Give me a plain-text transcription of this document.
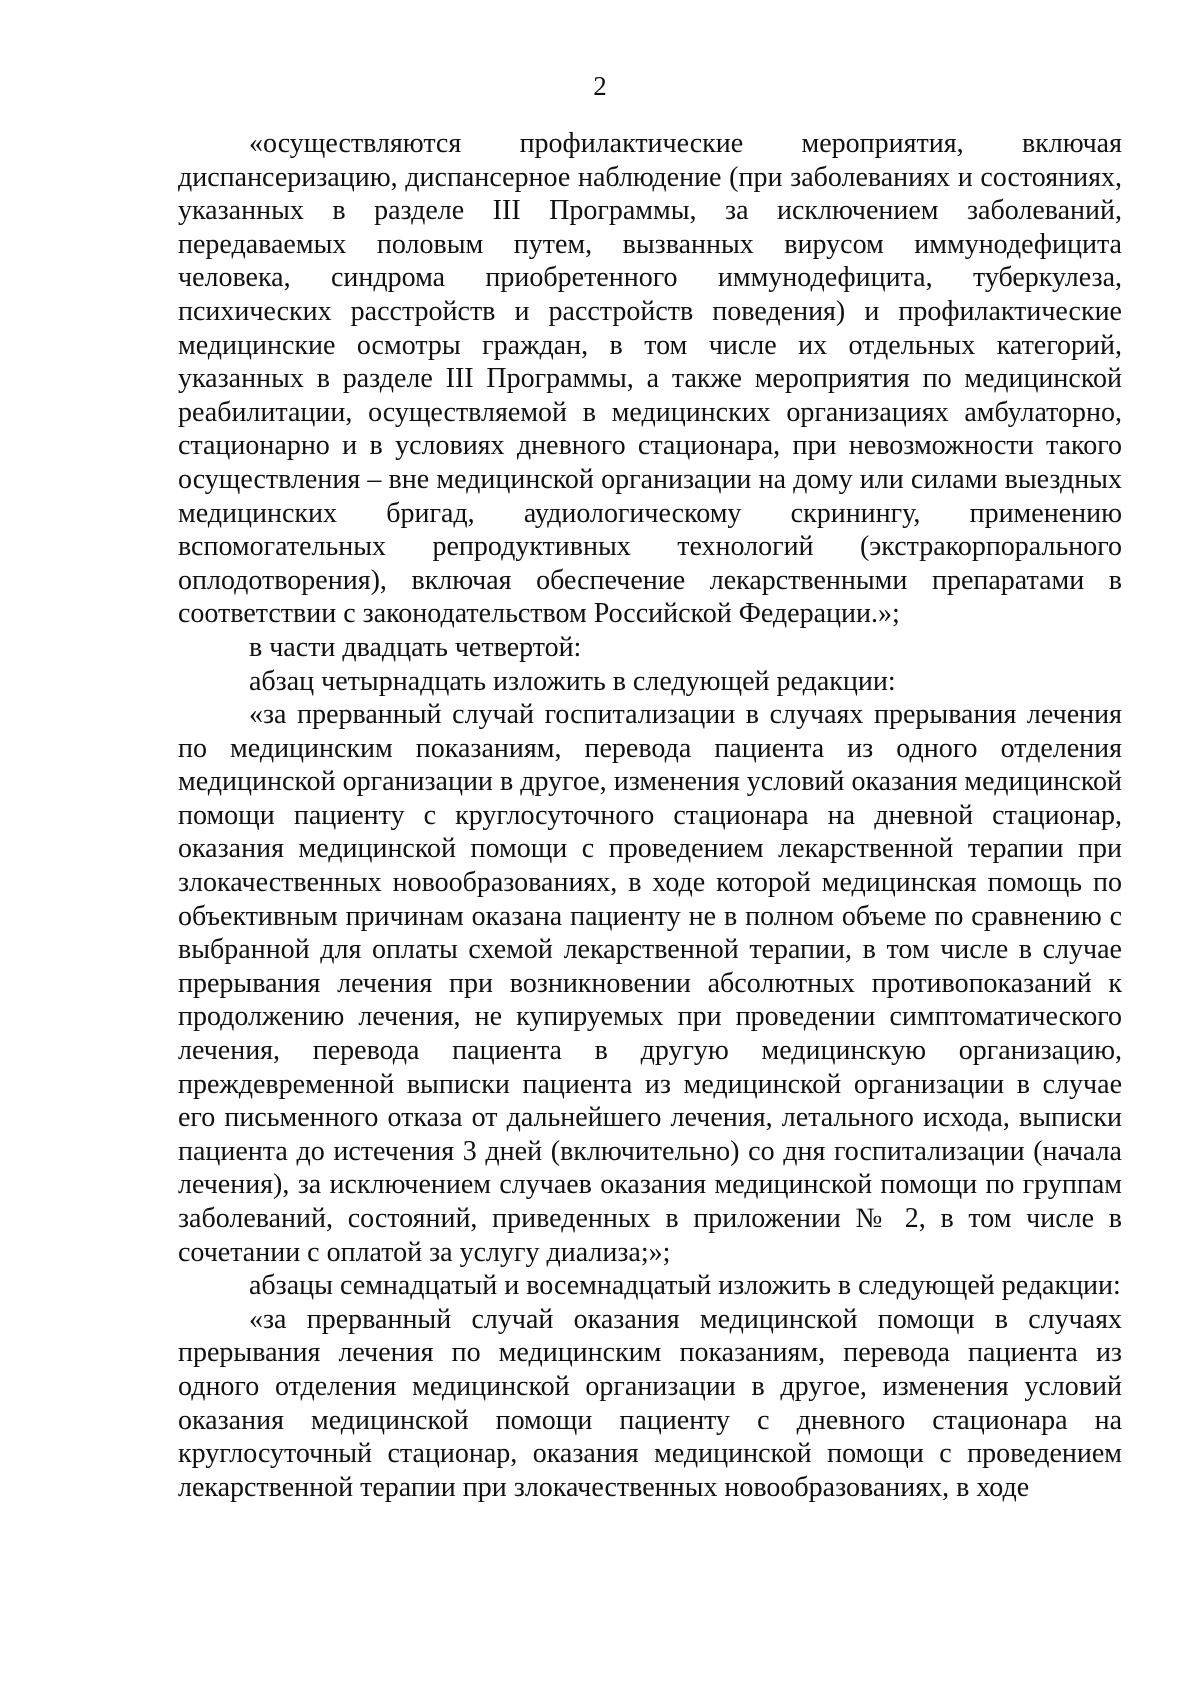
2

«осуществляются профилактические мероприятия, включая диспансеризацию, диспансерное наблюдение (при заболеваниях и состояниях, указанных в разделе III Программы, за исключением заболеваний, передаваемых половым путем, вызванных вирусом иммунодефицита человека, синдрома приобретенного иммунодефицита, туберкулеза, психических расстройств и расстройств поведения) и профилактические медицинские осмотры граждан, в том числе их отдельных категорий, указанных в разделе III Программы, а также мероприятия по медицинской реабилитации, осуществляемой в медицинских организациях амбулаторно, стационарно и в условиях дневного стационара, при невозможности такого осуществления – вне медицинской организации на дому или силами выездных медицинских бригад, аудиологическому скринингу, применению вспомогательных репродуктивных технологий (экстракорпорального оплодотворения), включая обеспечение лекарственными препаратами в соответствии с законодательством Российской Федерации.»;

в части двадцать четвертой:

абзац четырнадцать изложить в следующей редакции:

«за прерванный случай госпитализации в случаях прерывания лечения по медицинским показаниям, перевода пациента из одного отделения медицинской организации в другое, изменения условий оказания медицинской помощи пациенту с круглосуточного стационара на дневной стационар, оказания медицинской помощи с проведением лекарственной терапии при злокачественных новообразованиях, в ходе которой медицинская помощь по объективным причинам оказана пациенту не в полном объеме по сравнению с выбранной для оплаты схемой лекарственной терапии, в том числе в случае прерывания лечения при возникновении абсолютных противопоказаний к продолжению лечения, не купируемых при проведении симптоматического лечения, перевода пациента в другую медицинскую организацию, преждевременной выписки пациента из медицинской организации в случае его письменного отказа от дальнейшего лечения, летального исхода, выписки пациента до истечения 3 дней (включительно) со дня госпитализации (начала лечения), за исключением случаев оказания медицинской помощи по группам заболеваний, состояний, приведенных в приложении № 2, в том числе в сочетании с оплатой за услугу диализа;»;

абзацы семнадцатый и восемнадцатый изложить в следующей редакции:

«за прерванный случай оказания медицинской помощи в случаях прерывания лечения по медицинским показаниям, перевода пациента из одного отделения медицинской организации в другое, изменения условий оказания медицинской помощи пациенту с дневного стационара на круглосуточный стационар, оказания медицинской помощи с проведением лекарственной терапии при злокачественных новообразованиях, в ходе
